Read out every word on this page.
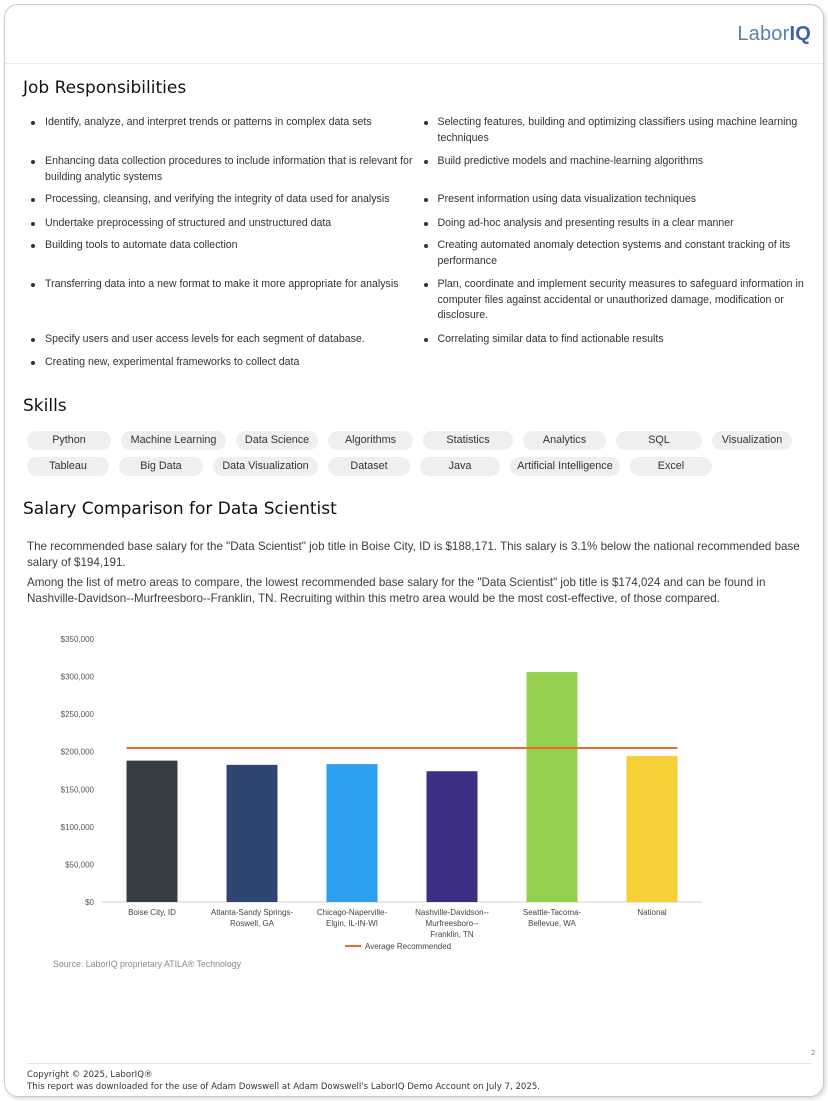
LaborIQ
Job Responsibilities
Identify, analyze, and interpret trends or patterns in complex data sets	Selecting features, building and optimizing classifiers using machine learning techniques
Enhancing data collection procedures to include information that is relevant for building analytic systems
Build predictive models and machine-learning algorithms
Processing, cleansing, and verifying the integrity of data used for analysis	Present information using data visualization techniques
Undertake preprocessing of structured and unstructured data	Doing ad-hoc analysis and presenting results in a clear manner
Building tools to automate data collection	Creating automated anomaly detection systems and constant tracking of its performance
Transferring data into a new format to make it more appropriate for analysis	Plan, coordinate and implement security measures to safeguard information in computer files against accidental or unauthorized damage, modification or disclosure.
Specify users and user access levels for each segment of database.	Correlating similar data to find actionable results
Creating new, experimental frameworks to collect data
Skills
Python	Machine Learning	Data Science	Algorithms	Statistics	Analytics	SQL	Visualization
Tableau	Big Data	Data Visualization	Dataset	Java	Artificial Intelligence	Excel
Salary Comparison for Data Scientist

The recommended base salary for the "Data Scientist" job title in Boise City, ID is $188,171. This salary is 3.1% below the national recommended base salary of $194,191.

Among the list of metro areas to compare, the lowest recommended base salary for the "Data Scientist" job title is $174,024 and can be found in Nashville-Davidson--Murfreesboro--Franklin, TN. Recruiting within this metro area would be the most cost-effective, of those compared.

$0
$50,000
$100,000
$150,000
$200,000
$250,000
$300,000
$350,000
Boise City, ID	Atlanta-Sandy Springs-
Roswell, GA
Chicago-Naperville-
Elgin, IL-IN-WI
Nashville-Davidson--
Murfreesboro--
Franklin, TN
Seattle-Tacoma-
Bellevue, WA
National
Average Recommended
Source: LaborIQ proprietary ATILA® Technology
2
Copyright © 2025, LaborIQ®
This report was downloaded for the use of Adam Dowswell at Adam Dowswell's LaborIQ Demo Account on July 7, 2025.
